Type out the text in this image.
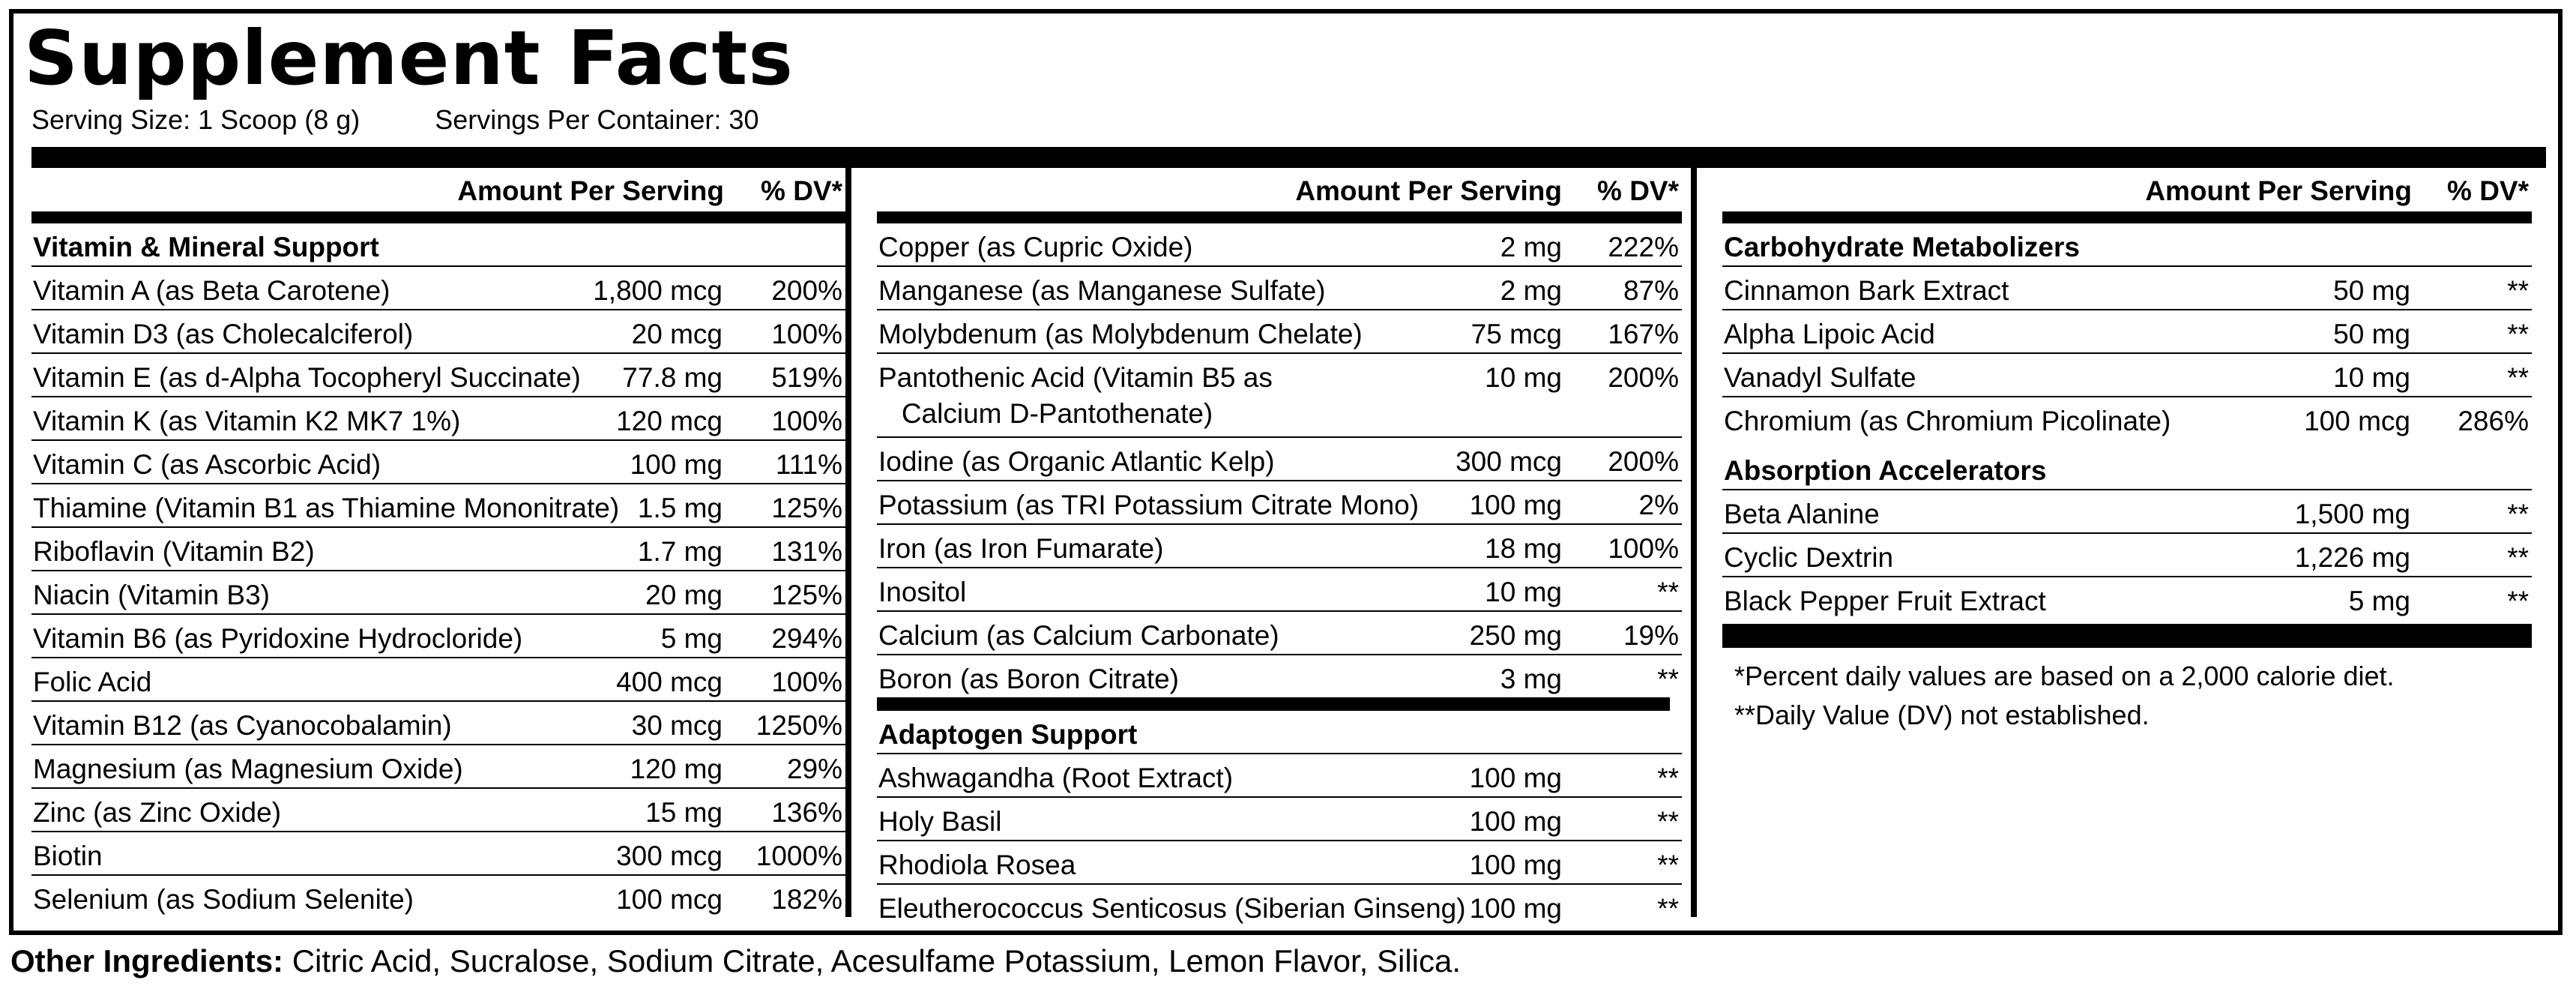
Supplement Facts
Serving Size: 1 Scoop (8 g)	Servings Per Container: 30
Amount Per Serving % DV*
Vitamin & Mineral Support
Vitamin A (as Beta Carotene)	1,800 mcg 200%
Vitamin D3 (as Cholecalciferol)	20 mcg 100%
Vitamin E (as d-Alpha Tocopheryl Succinate) 77.8 mg 519%
Vitamin K (as Vitamin K2 MK7 1%)	120 mcg 100%
Vitamin C (as Ascorbic Acid)	100 mg 111%
Thiamine (Vitamin B1 as Thiamine Mononitrate) 1.5 mg 125%
Riboflavin (Vitamin B2)	1.7 mg 131%
Niacin (Vitamin B3)	20 mg 125%
Vitamin B6 (as Pyridoxine Hydrocloride)	5 mg 294%
Folic Acid	400 mcg 100%
Vitamin B12 (as Cyanocobalamin)	30 mcg 1250%
Magnesium (as Magnesium Oxide)	120 mg 29%
Zinc (as Zinc Oxide)	15 mg 136%
Biotin	300 mcg 1000%
Selenium (as Sodium Selenite)	100 mcg 182%
Amount Per Serving % DV*
Copper (as Cupric Oxide)	2 mg 222%
Manganese (as Manganese Sulfate)	2 mg 87%
Molybdenum (as Molybdenum Chelate)	75 mcg 167%
Pantothenic Acid (Vitamin B5 as
Calcium D-Pantothenate)
10 mg 200%
Iodine (as Organic Atlantic Kelp)	300 mcg 200%
Potassium (as TRI Potassium Citrate Mono) 100 mg	2%
Iron (as Iron Fumarate)	18 mg 100%
Inositol	10 mg	**
Calcium (as Calcium Carbonate)	250 mg 19%
Boron (as Boron Citrate)	3 mg	**
Adaptogen Support
Ashwagandha (Root Extract)	100 mg	**
Holy Basil	100 mg	**
Rhodiola Rosea	100 mg	**
Eleutherococcus Senticosus (Siberian Ginseng) 100 mg	**
Amount Per Serving % DV*
Carbohydrate Metabolizers
Cinnamon Bark Extract	50 mg	**
Alpha Lipoic Acid	50 mg	**
Vanadyl Sulfate	10 mg	**
Chromium (as Chromium Picolinate)	100 mcg 286%
Absorption Accelerators
Beta Alanine	1,500 mg	**
Cyclic Dextrin	1,226 mg	**
Black Pepper Fruit Extract	5 mg	**
*Percent daily values are based on a 2,000 calorie diet.
**Daily Value (DV) not established.
Other Ingredients: Citric Acid, Sucralose, Sodium Citrate, Acesulfame Potassium, Lemon Flavor, Silica.
